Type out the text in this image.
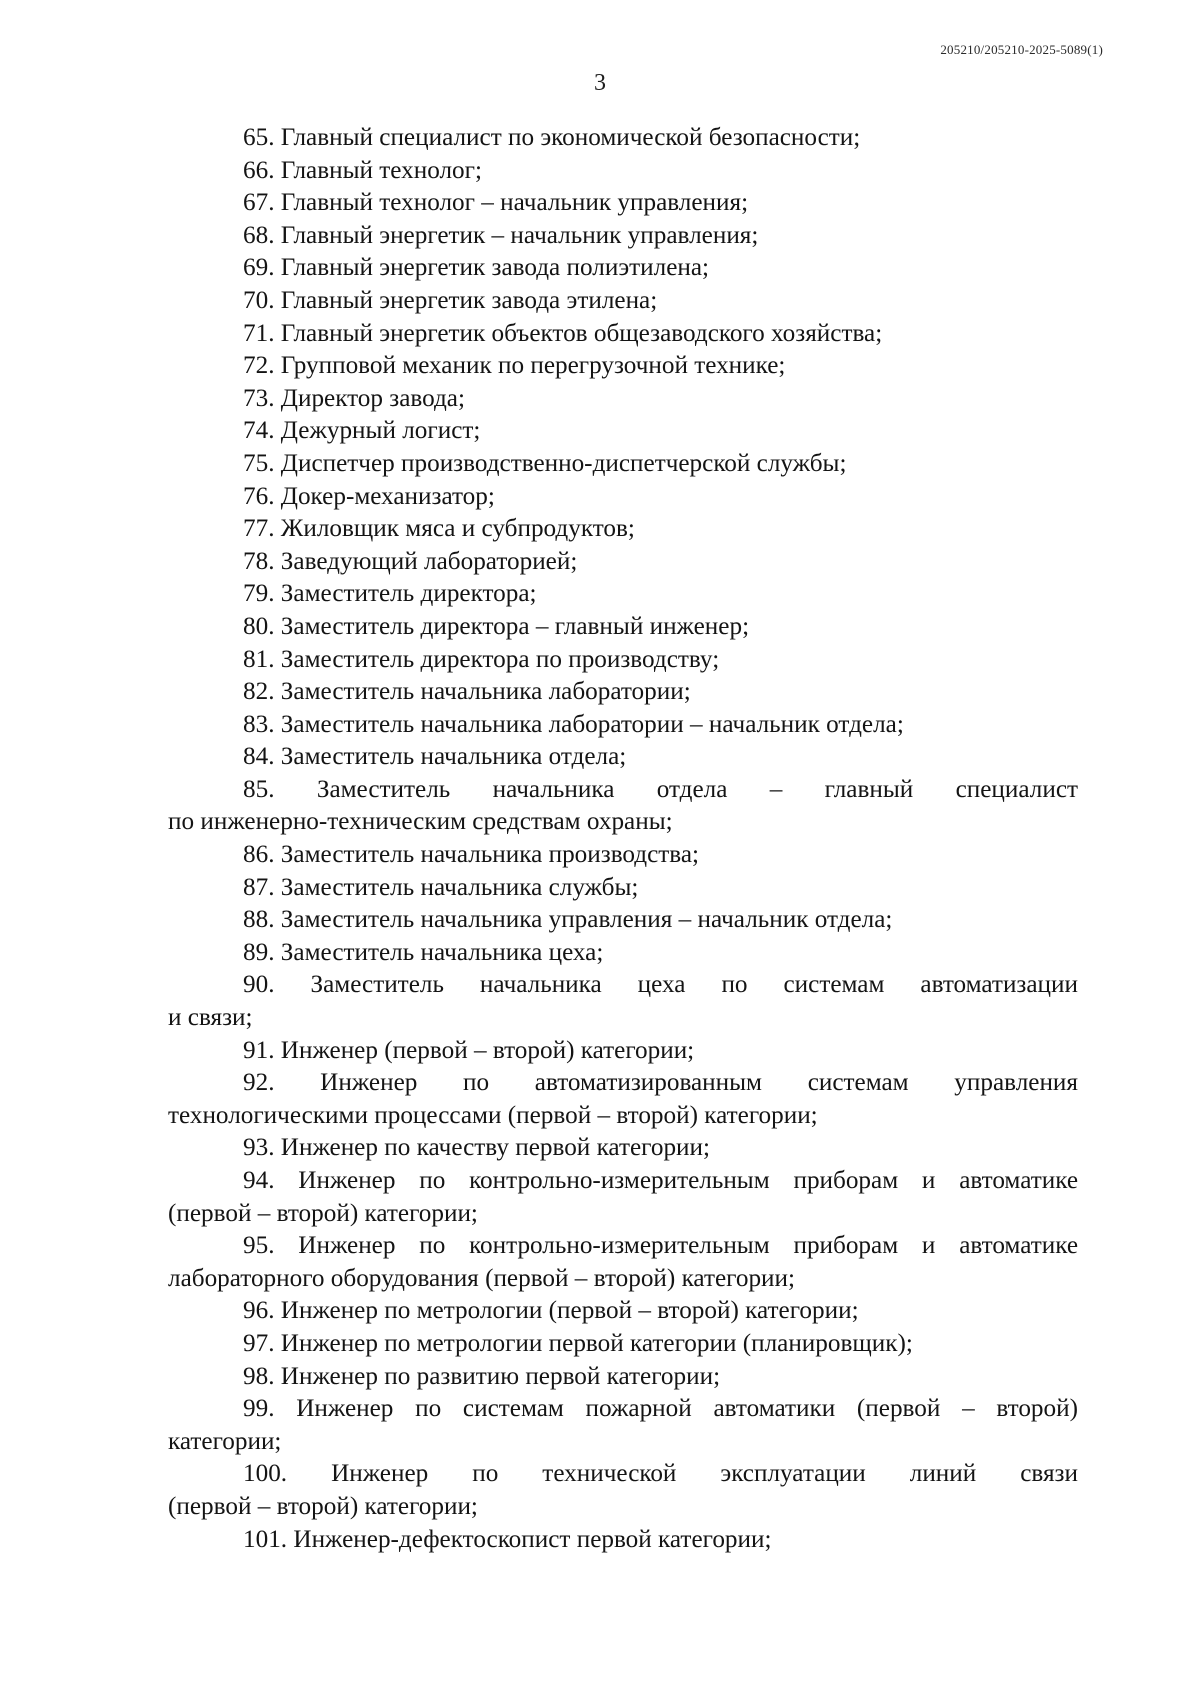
205210/205210-2025-5089(1)
3
65. Главный специалист по экономической безопасности;
66. Главный технолог;
67. Главный технолог – начальник управления;
68. Главный энергетик – начальник управления;
69. Главный энергетик завода полиэтилена;
70. Главный энергетик завода этилена;
71. Главный энергетик объектов общезаводского хозяйства;
72. Групповой механик по перегрузочной технике;
73. Директор завода;
74. Дежурный логист;
75. Диспетчер производственно-диспетчерской службы;
76. Докер-механизатор;
77. Жиловщик мяса и субпродуктов;
78. Заведующий лабораторией;
79. Заместитель директора;
80. Заместитель директора – главный инженер;
81. Заместитель директора по производству;
82. Заместитель начальника лаборатории;
83. Заместитель начальника лаборатории – начальник отдела;
84. Заместитель начальника отдела;
85. Заместитель начальника отдела – главный специалист
по инженерно-техническим средствам охраны;
86. Заместитель начальника производства;
87. Заместитель начальника службы;
88. Заместитель начальника управления – начальник отдела;
89. Заместитель начальника цеха;
90. Заместитель начальника цеха по системам автоматизации
и связи;
91. Инженер (первой – второй) категории;
92. Инженер по автоматизированным системам управления
технологическими процессами (первой – второй) категории;
93. Инженер по качеству первой категории;
94. Инженер по контрольно-измерительным приборам и автоматике
(первой – второй) категории;
95. Инженер по контрольно-измерительным приборам и автоматике
лабораторного оборудования (первой – второй) категории;
96. Инженер по метрологии (первой – второй) категории;
97. Инженер по метрологии первой категории (планировщик);
98. Инженер по развитию первой категории;
99. Инженер по системам пожарной автоматики (первой – второй)
категории;
100. Инженер по технической эксплуатации линий связи
(первой – второй) категории;
101. Инженер-дефектоскопист первой категории;
